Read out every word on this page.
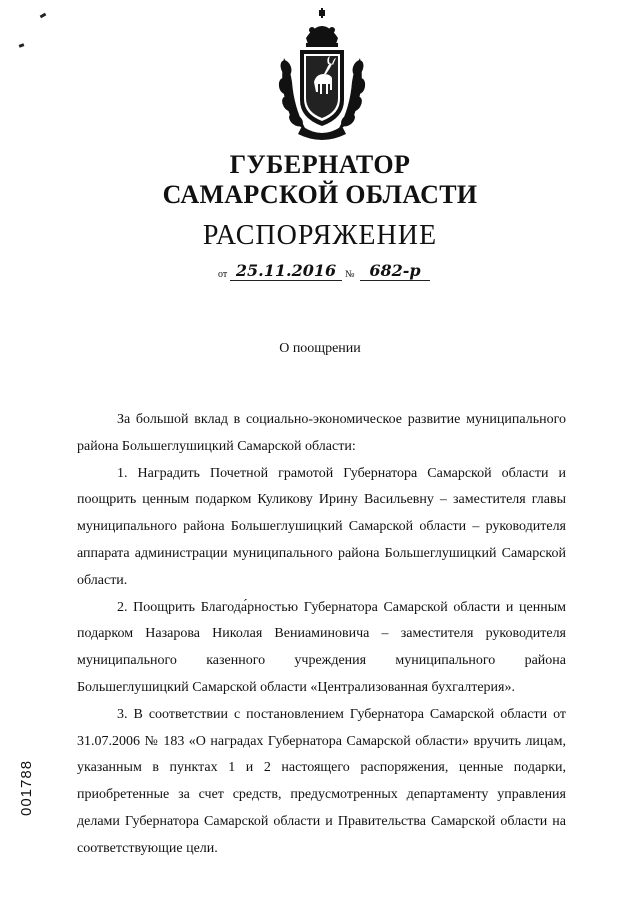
ГУБЕРНАТОР
САМАРСКОЙ ОБЛАСТИ
РАСПОРЯЖЕНИЕ
от 25.11.2016 № 682-р
О поощрении

За большой вклад в социально-экономическое развитие муниципального района Большеглушицкий Самарской области:

1. Наградить Почетной грамотой Губернатора Самарской области и поощрить ценным подарком Куликову Ирину Васильевну – заместителя главы муниципального района Большеглушицкий Самарской области – руководителя аппарата администрации муниципального района Большеглушицкий Самарской области.

2. Поощрить Благода́рностью Губернатора Самарской области и ценным подарком Назарова Николая Вениаминовича – заместителя руководителя муниципального казенного учреждения муниципального района Большеглушицкий Самарской области «Централизованная бухгалтерия».

3. В соответствии с постановлением Губернатора Самарской области от 31.07.2006 № 183 «О наградах Губернатора Самарской области» вручить лицам, указанным в пунктах 1 и 2 настоящего распоряжения, ценные подарки, приобретенные за счет средств, предусмотренных департаменту управления делами Губернатора Самарской области и Правительства Самарской области на соответствующие цели.

001788
